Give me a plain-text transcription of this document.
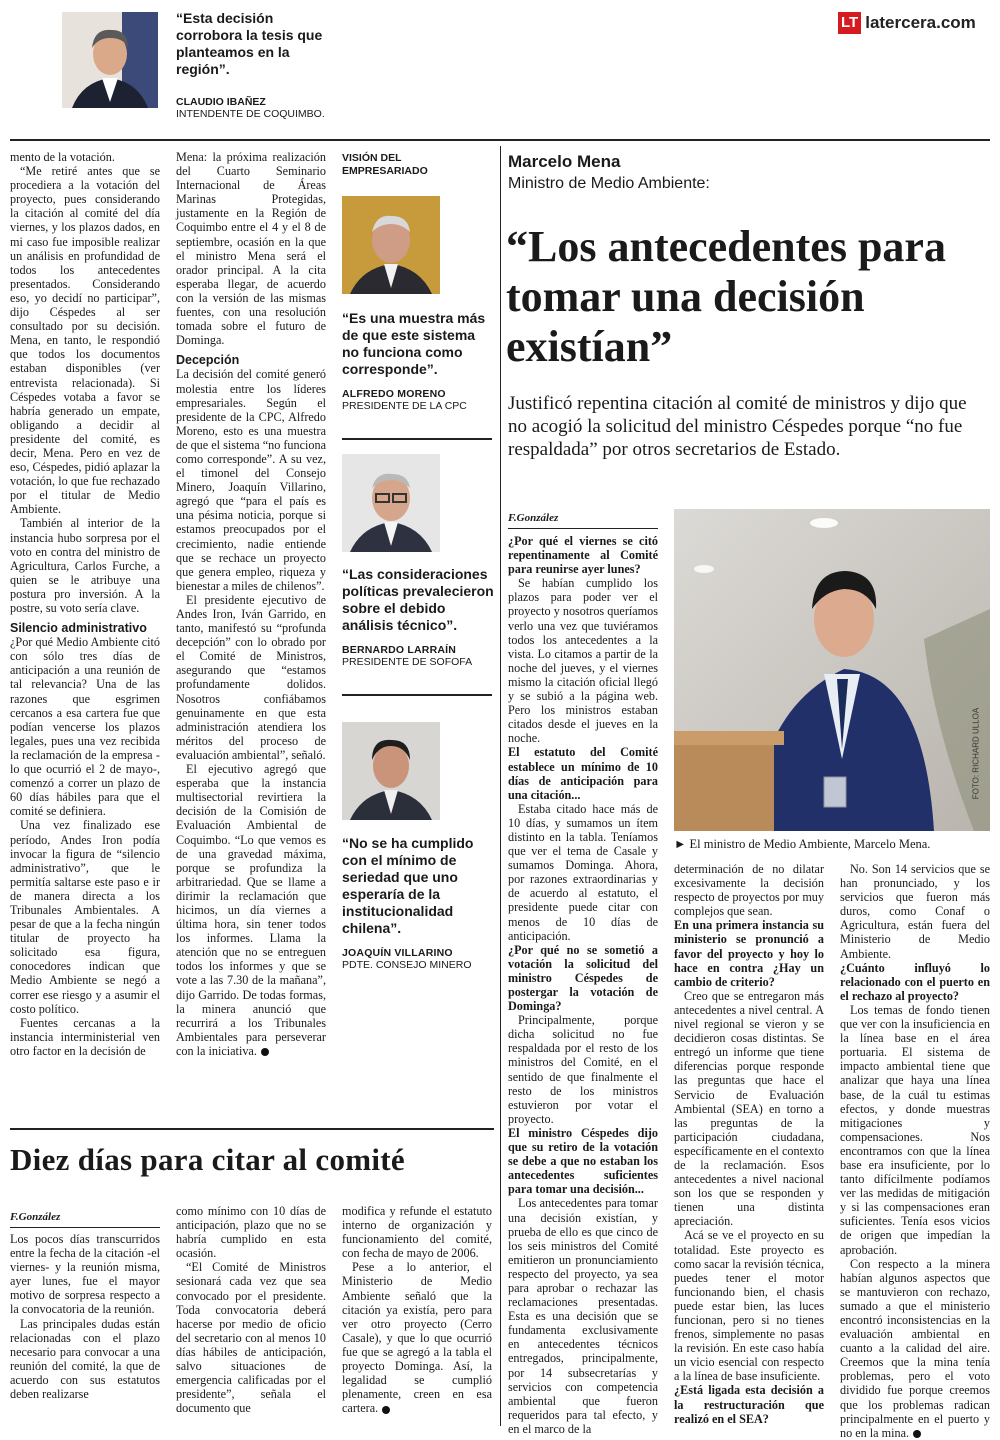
“Esta decisión corrobora la tesis que planteamos en la región”.
CLAUDIO IBAÑEZ
INTENDENTE DE COQUIMBO.
LT latercera.com

mento de la votación.

“Me retiré antes que se procediera a la votación del proyecto, pues considerando la citación al comité del día viernes, y los plazos dados, en mi caso fue imposible realizar un análisis en profundidad de todos los antecedentes presentados. Considerando eso, yo decidí no participar”, dijo Céspedes al ser consultado por su decisión. Mena, en tanto, le respondió que todos los documentos estaban disponibles (ver entrevista relacionada). Si Céspedes votaba a favor se habría generado un empate, obligando a decidir al presidente del comité, es decir, Mena. Pero en vez de eso, Céspedes, pidió aplazar la votación, lo que fue rechazado por el titular de Medio Ambiente.

También al interior de la instancia hubo sorpresa por el voto en contra del ministro de Agricultura, Carlos Furche, a quien se le atribuye una postura pro inversión. A la postre, su voto sería clave.

Silencio administrativo

¿Por qué Medio Ambiente citó con sólo tres días de anticipación a una reunión de tal relevancia? Una de las razones que esgrimen cercanos a esa cartera fue que podían vencerse los plazos legales, pues una vez recibida la reclamación de la empresa -lo que ocurrió el 2 de mayo-, comenzó a correr un plazo de 60 días hábiles para que el comité se definiera.

Una vez finalizado ese período, Andes Iron podía invocar la figura de “silencio administrativo”, que le permitía saltarse este paso e ir de manera directa a los Tribunales Ambientales. A pesar de que a la fecha ningún titular de proyecto ha solicitado esa figura, conocedores indican que Medio Ambiente se negó a correr ese riesgo y a asumir el costo político.

Fuentes cercanas a la instancia interministerial ven otro factor en la decisión de

Mena: la próxima realización del Cuarto Seminario Internacional de Áreas Marinas Protegidas, justamente en la Región de Coquimbo entre el 4 y el 8 de septiembre, ocasión en la que el ministro Mena será el orador principal. A la cita esperaba llegar, de acuerdo con la versión de las mismas fuentes, con una resolución tomada sobre el futuro de Dominga.

Decepción

La decisión del comité generó molestia entre los líderes empresariales. Según el presidente de la CPC, Alfredo Moreno, esto es una muestra de que el sistema “no funciona como corresponde”. A su vez, el timonel del Consejo Minero, Joaquín Villarino, agregó que “para el país es una pésima noticia, porque si estamos preocupados por el crecimiento, nadie entiende que se rechace un proyecto que genera empleo, riqueza y bienestar a miles de chilenos”.

El presidente ejecutivo de Andes Iron, Iván Garrido, en tanto, manifestó su “profunda decepción” con lo obrado por el Comité de Ministros, asegurando que “estamos profundamente dolidos. Nosotros confiábamos genuinamente en que esta administración atendiera los méritos del proceso de evaluación ambiental”, señaló.

El ejecutivo agregó que esperaba que la instancia multisectorial revirtiera la decisión de la Comisión de Evaluación Ambiental de Coquimbo. “Lo que vemos es de una gravedad máxima, porque se profundiza la arbitrariedad. Que se llame a dirimir la reclamación que hicimos, un día viernes a última hora, sin tener todos los informes. Llama la atención que no se entreguen todos los informes y que se vote a las 7.30 de la mañana”, dijo Garrido. De todas formas, la minera anunció que recurrirá a los Tribunales Ambientales para perseverar con la iniciativa.

VISIÓN DEL EMPRESARIADO
“Es una muestra más de que este sistema no funciona como corresponde”.
ALFREDO MORENO
PRESIDENTE DE LA CPC
“Las consideraciones políticas prevalecieron sobre el debido análisis técnico”.
BERNARDO LARRAÍN
PRESIDENTE DE SOFOFA
“No se ha cumplido con el mínimo de seriedad que uno esperaría de la institucionalidad chilena”.
JOAQUÍN VILLARINO
PDTE. CONSEJO MINERO
Marcelo Mena
Ministro de Medio Ambiente:
“Los antecedentes para tomar una decisión existían”
Justificó repentina citación al comité de ministros y dijo que no acogió la solicitud del ministro Céspedes porque “no fue respaldada” por otros secretarios de Estado.
F.González
FOTO: RICHARD ULLOA
► El ministro de Medio Ambiente, Marcelo Mena.

¿Por qué el viernes se citó repentinamente al Comité para reunirse ayer lunes?

Se habían cumplido los plazos para poder ver el proyecto y nosotros queríamos verlo una vez que tuviéramos todos los antecedentes a la vista. Lo citamos a partir de la noche del jueves, y el viernes mismo la citación oficial llegó y se subió a la página web. Pero los ministros estaban citados desde el jueves en la noche.

El estatuto del Comité establece un mínimo de 10 días de anticipación para una citación...

Estaba citado hace más de 10 días, y sumamos un ítem distinto en la tabla. Teníamos que ver el tema de Casale y sumamos Dominga. Ahora, por razones extraordinarias y de acuerdo al estatuto, el presidente puede citar con menos de 10 días de anticipación.

¿Por qué no se sometió a votación la solicitud del ministro Céspedes de postergar la votación de Dominga?

Principalmente, porque dicha solicitud no fue respaldada por el resto de los ministros del Comité, en el sentido de que finalmente el resto de los ministros estuvieron por votar el proyecto.

El ministro Céspedes dijo que su retiro de la votación se debe a que no estaban los antecedentes suficientes para tomar una decisión...

Los antecedentes para tomar una decisión existían, y prueba de ello es que cinco de los seis ministros del Comité emitieron un pronunciamiento respecto del proyecto, ya sea para aprobar o rechazar las reclamaciones presentadas. Esta es una decisión que se fundamenta exclusivamente en antecedentes técnicos entregados, principalmente, por 14 subsecretarías y servicios con competencia ambiental que fueron requeridos para tal efecto, y en el marco de la

determinación de no dilatar excesivamente la decisión respecto de proyectos por muy complejos que sean.

En una primera instancia su ministerio se pronunció a favor del proyecto y hoy lo hace en contra ¿Hay un cambio de criterio?

Creo que se entregaron más antecedentes a nivel central. A nivel regional se vieron y se decidieron cosas distintas. Se entregó un informe que tiene diferencias porque responde las preguntas que hace el Servicio de Evaluación Ambiental (SEA) en torno a las preguntas de la participación ciudadana, específicamente en el contexto de la reclamación. Esos antecedentes a nivel nacional son los que se responden y tienen una distinta apreciación.

Acá se ve el proyecto en su totalidad. Este proyecto es como sacar la revisión técnica, puedes tener el motor funcionando bien, el chasis puede estar bien, las luces funcionan, pero si no tienes frenos, simplemente no pasas la revisión. En este caso había un vicio esencial con respecto a la línea de base insuficiente.

¿Está ligada esta decisión a la restructuración que realizó en el SEA?

No. Son 14 servicios que se han pronunciado, y los servicios que fueron más duros, como Conaf o Agricultura, están fuera del Ministerio de Medio Ambiente.

¿Cuánto influyó lo relacionado con el puerto en el rechazo al proyecto?

Los temas de fondo tienen que ver con la insuficiencia en la línea base en el área portuaria. El sistema de impacto ambiental tiene que analizar que haya una línea base, de la cuál tu estimas efectos, y donde muestras mitigaciones y compensaciones. Nos encontramos con que la línea base era insuficiente, por lo tanto difícilmente podíamos ver las medidas de mitigación y si las compensaciones eran suficientes. Tenía esos vicios de origen que impedían la aprobación.

Con respecto a la minera habían algunos aspectos que se mantuvieron con rechazo, sumado a que el ministerio encontró inconsistencias en la evaluación ambiental en cuanto a la calidad del aire. Creemos que la mina tenía problemas, pero el voto dividido fue porque creemos que los problemas radican principalmente en el puerto y no en la mina.

Diez días para citar al comité
F.González

Los pocos días transcurridos entre la fecha de la citación -el viernes- y la reunión misma, ayer lunes, fue el mayor motivo de sorpresa respecto a la convocatoria de la reunión.

Las principales dudas están relacionadas con el plazo necesario para convocar a una reunión del comité, la que de acuerdo con sus estatutos deben realizarse

como mínimo con 10 días de anticipación, plazo que no se habría cumplido en esta ocasión.

“El Comité de Ministros sesionará cada vez que sea convocado por el presidente. Toda convocatoria deberá hacerse por medio de oficio del secretario con al menos 10 días hábiles de anticipación, salvo situaciones de emergencia calificadas por el presidente”, señala el documento que

modifica y refunde el estatuto interno de organización y funcionamiento del comité, con fecha de mayo de 2006.

Pese a lo anterior, el Ministerio de Medio Ambiente señaló que la citación ya existía, pero para ver otro proyecto (Cerro Casale), y que lo que ocurrió fue que se agregó a la tabla el proyecto Dominga. Así, la legalidad se cumplió plenamente, creen en esa cartera.
